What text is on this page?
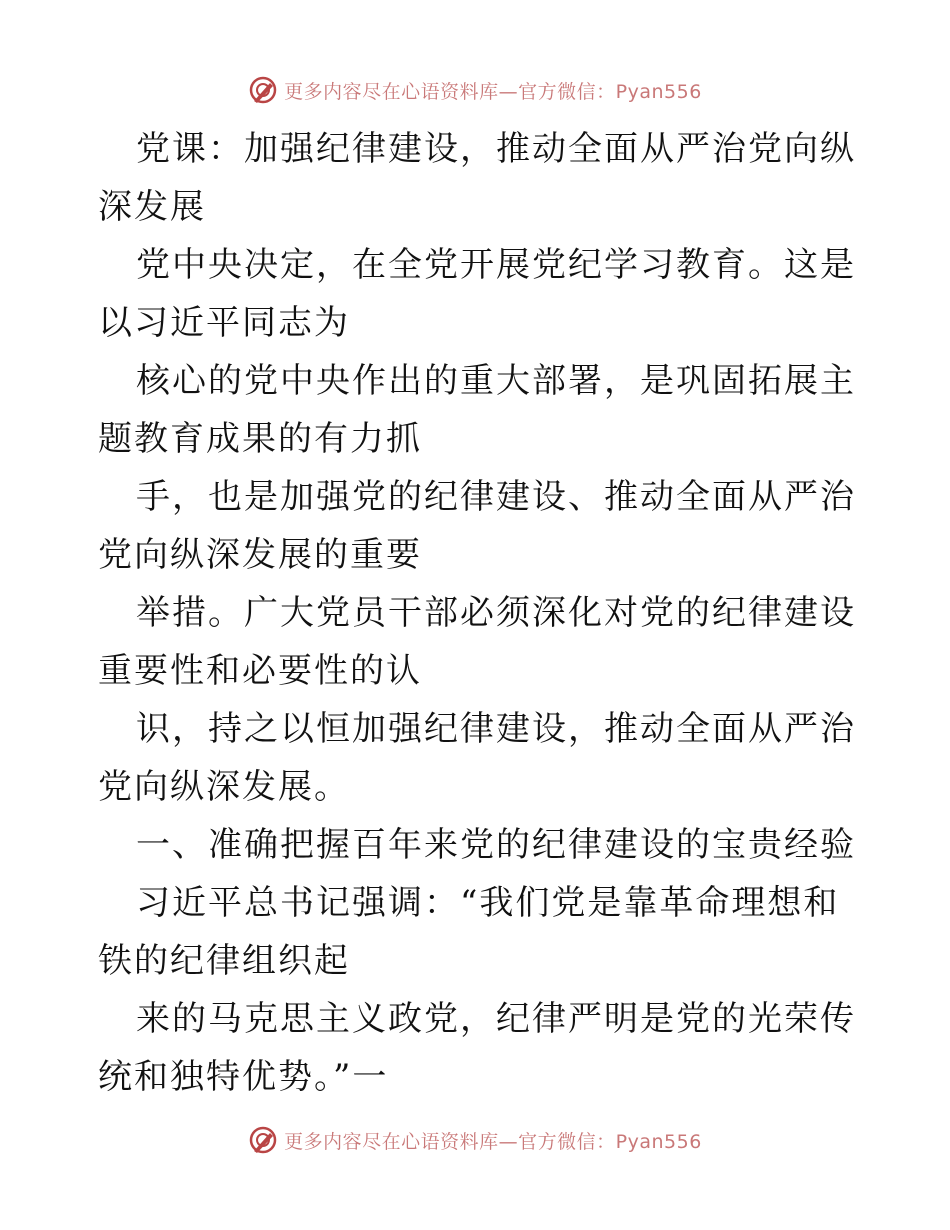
更多内容尽在心语资料库—官方微信：Pyan556

党课：加强纪律建设，推动全面从严治党向纵深发展

党中央决定，在全党开展党纪学习教育。这是以习近平同志为

核心的党中央作出的重大部署，是巩固拓展主题教育成果的有力抓

手，也是加强党的纪律建设、推动全面从严治党向纵深发展的重要

举措。广大党员干部必须深化对党的纪律建设重要性和必要性的认

识，持之以恒加强纪律建设，推动全面从严治党向纵深发展。

一、准确把握百年来党的纪律建设的宝贵经验

习近平总书记强调：“我们党是靠革命理想和铁的纪律组织起

来的马克思主义政党，纪律严明是党的光荣传统和独特优势。”一

更多内容尽在心语资料库—官方微信：Pyan556
